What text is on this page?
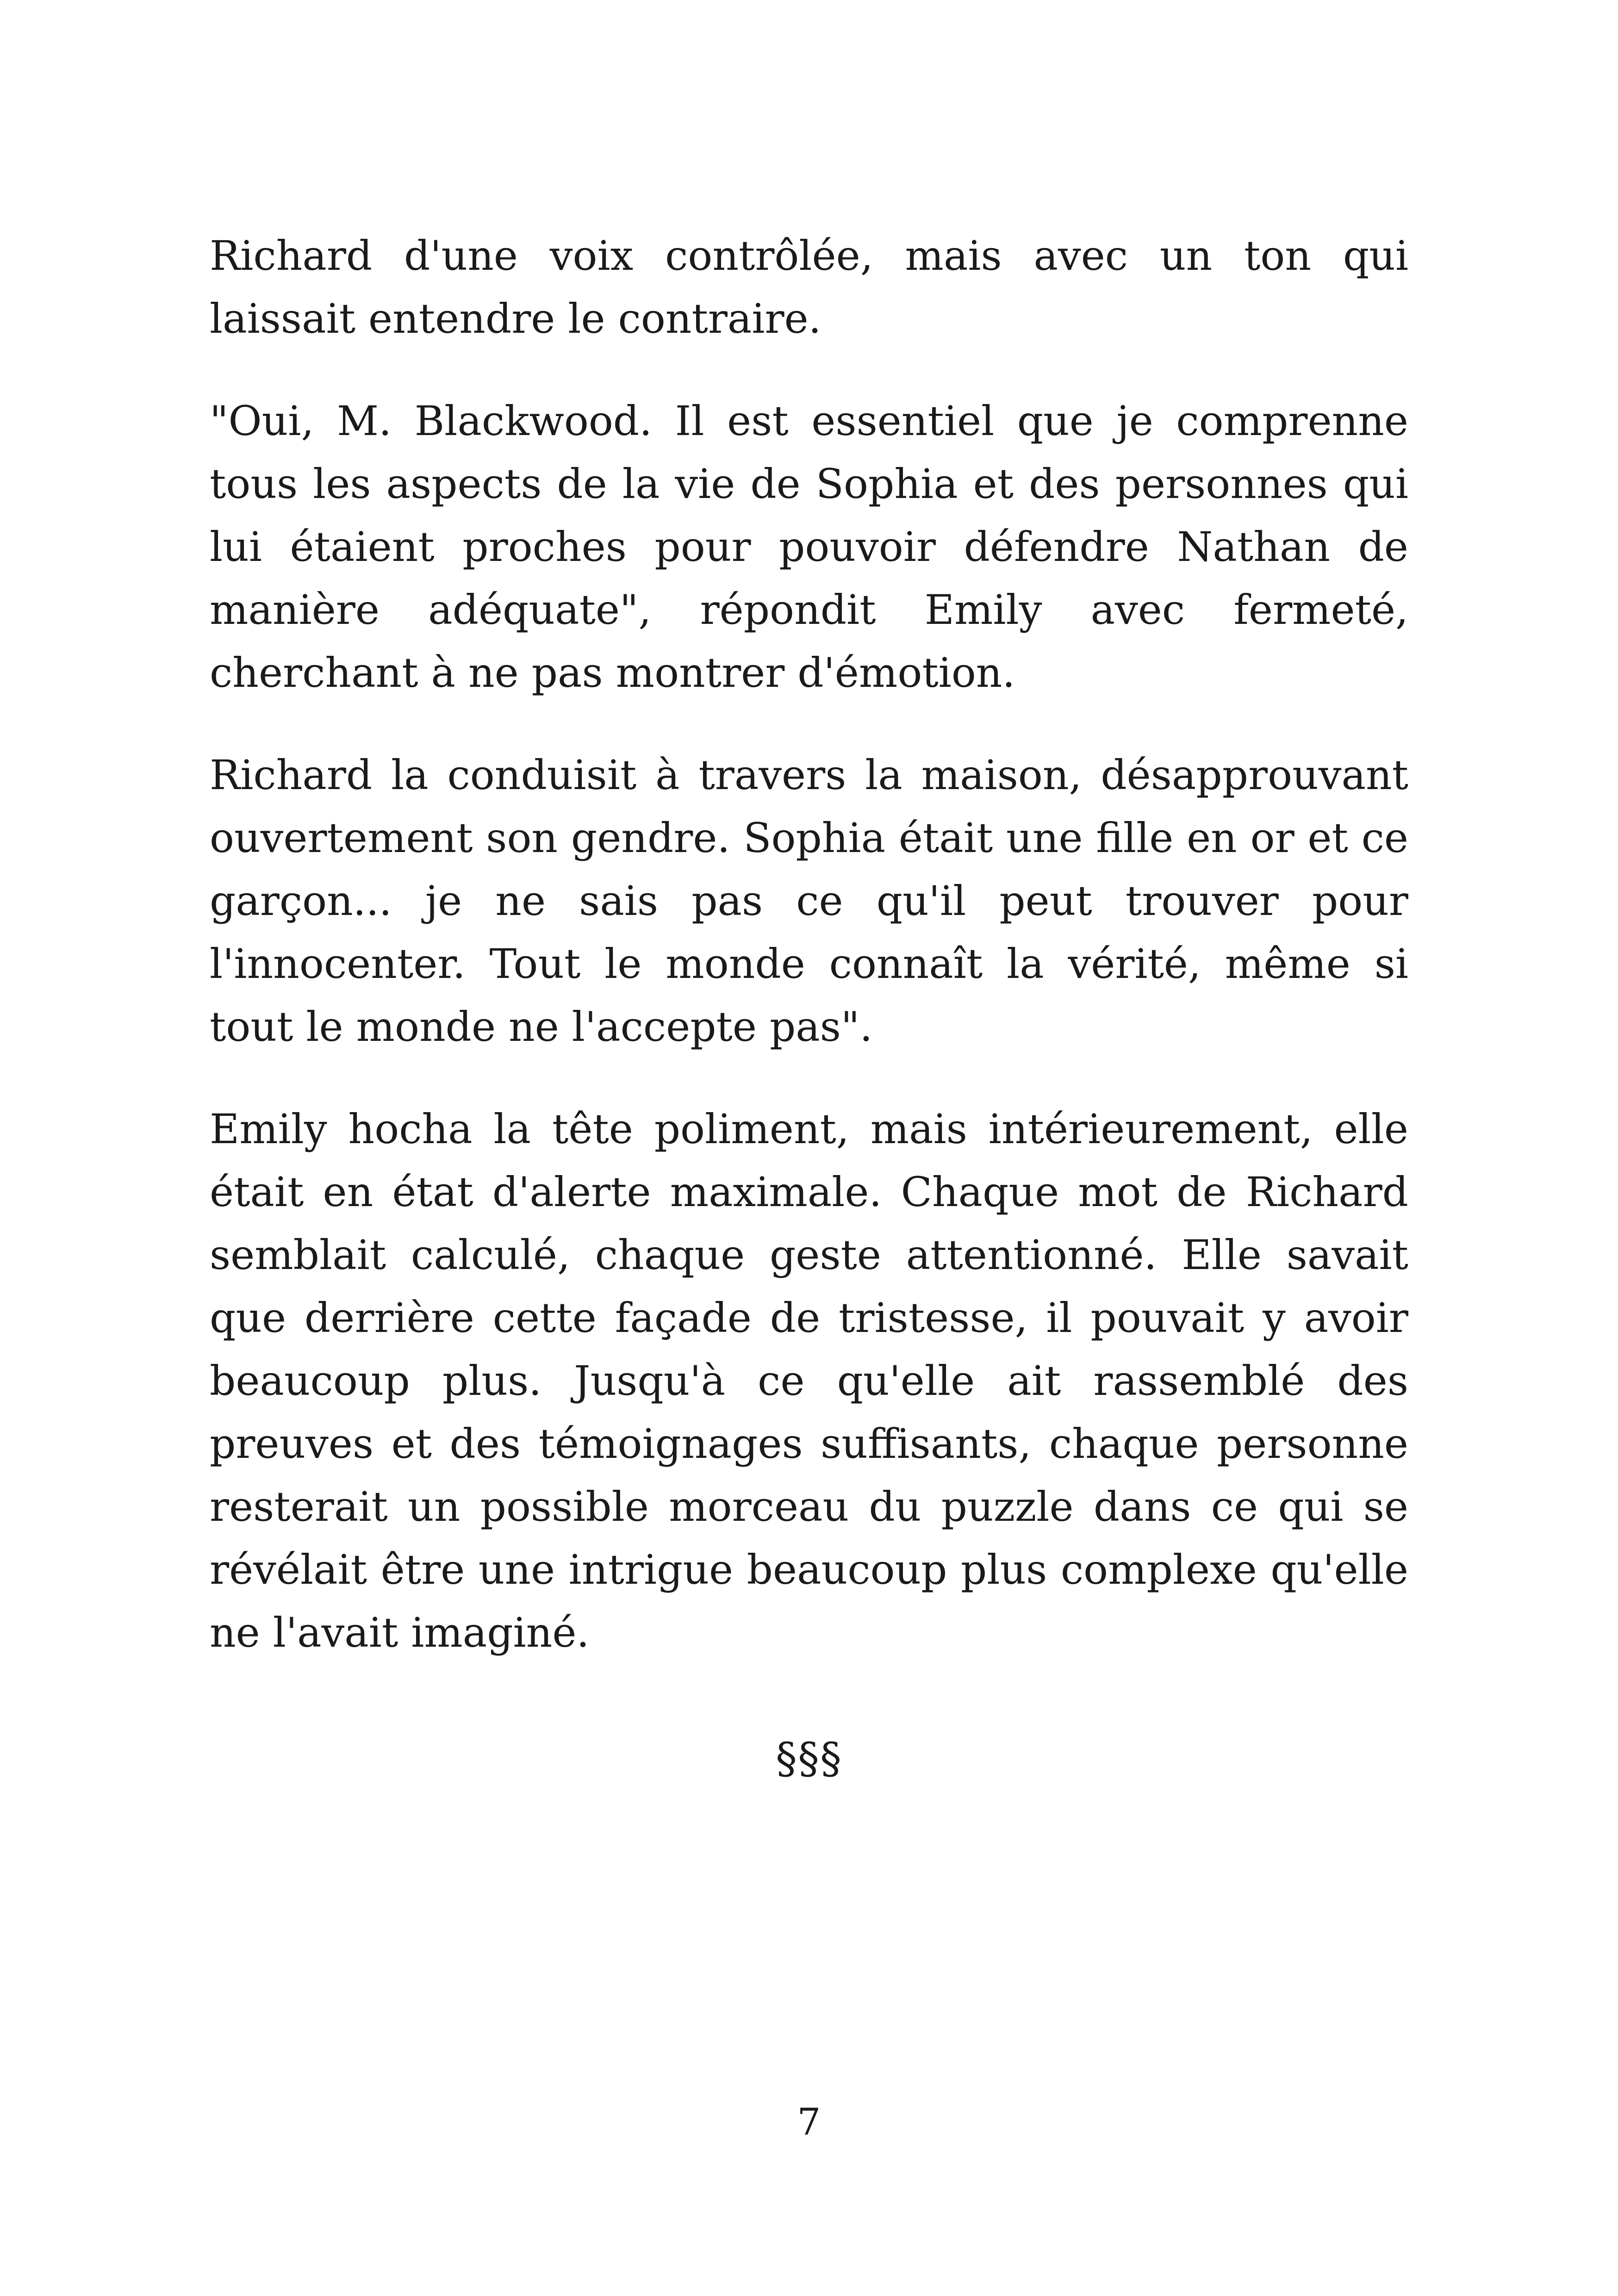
Richard d'une voix contrôlée, mais avec un ton qui laissait entendre le contraire.

"Oui, M. Blackwood. Il est essentiel que je comprenne tous les aspects de la vie de Sophia et des personnes qui lui étaient proches pour pouvoir défendre Nathan de manière adéquate", répondit Emily avec fermeté, cherchant à ne pas montrer d'émotion.

Richard la conduisit à travers la maison, désapprouvant ouvertement son gendre. Sophia était une fille en or et ce garçon... je ne sais pas ce qu'il peut trouver pour l'innocenter. Tout le monde connaît la vérité, même si tout le monde ne l'accepte pas".

Emily hocha la tête poliment, mais intérieurement, elle était en état d'alerte maximale. Chaque mot de Richard semblait calculé, chaque geste attentionné. Elle savait que derrière cette façade de tristesse, il pouvait y avoir beaucoup plus. Jusqu'à ce qu'elle ait rassemblé des preuves et des témoignages suffisants, chaque personne resterait un possible morceau du puzzle dans ce qui se révélait être une intrigue beaucoup plus complexe qu'elle ne l'avait imaginé.

§§§
7
